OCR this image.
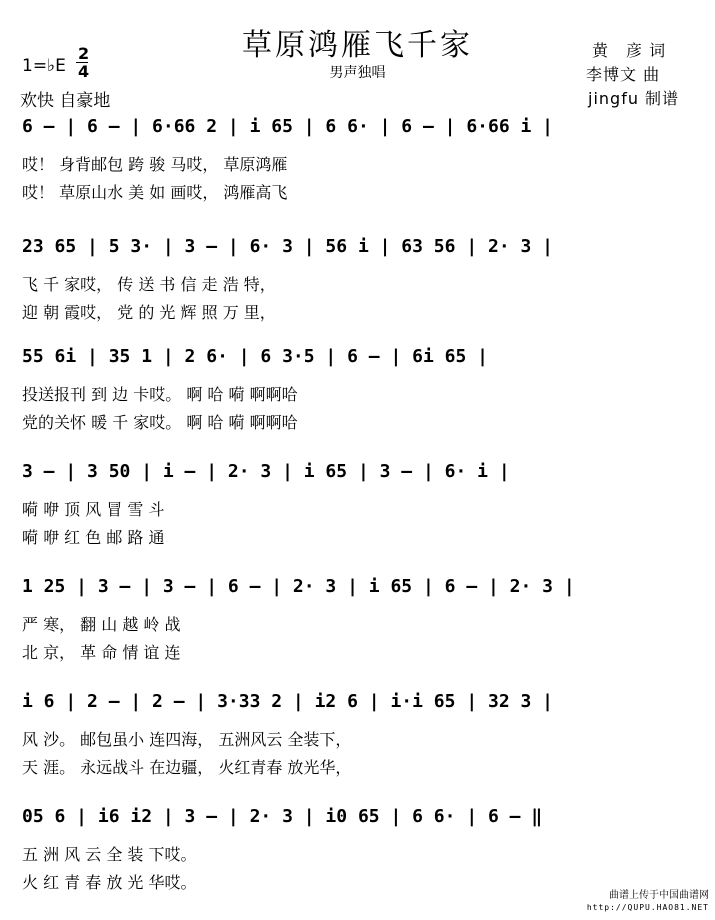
草原鸿雁飞千家
男声独唱
1=♭E
2
4
欢快 自豪地
黄　彦 词
李博文 曲
jingfu 制谱
6 – | 6 – | 6·66 2 | i 65 | 6 6· | 6 – | 6·66 i |
哎！ 身背邮包 跨 骏 马哎， 草原鸿雁
哎！ 草原山水 美 如 画哎， 鸿雁高飞
23 65 | 5 3· | 3 – | 6· 3 | 56 i | 63 56 | 2· 3 |
飞 千 家哎， 传 送 书 信 走 浩 特，
迎 朝 霞哎， 党 的 光 辉 照 万 里，
55 6i | 35 1 | 2 6· | 6 3·5 | 6 – | 6i 65 |
投送报刊 到 边 卡哎。 啊 哈 嗬 啊啊哈
党的关怀 暖 千 家哎。 啊 哈 嗬 啊啊哈
3 – | 3 50 | i – | 2· 3 | i 65 | 3 – | 6· i |
嗬 咿 顶 风 冒 雪 斗
嗬 咿 红 色 邮 路 通
1 25 | 3 – | 3 – | 6 – | 2· 3 | i 65 | 6 – | 2· 3 |
严 寒， 翻 山 越 岭 战
北 京， 革 命 情 谊 连
i 6 | 2 – | 2 – | 3·33 2 | i2 6 | i·i 65 | 32 3 |
风 沙。 邮包虽小 连四海， 五洲风云 全装下，
天 涯。 永远战斗 在边疆， 火红青春 放光华，
05 6 | i6 i2 | 3 – | 2· 3 | i0 65 | 6 6· | 6 – ‖
五 洲 风 云 全 装 下哎。
火 红 青 春 放 光 华哎。
曲谱上传于中国曲谱网
http://QUPU.HAO81.NET
